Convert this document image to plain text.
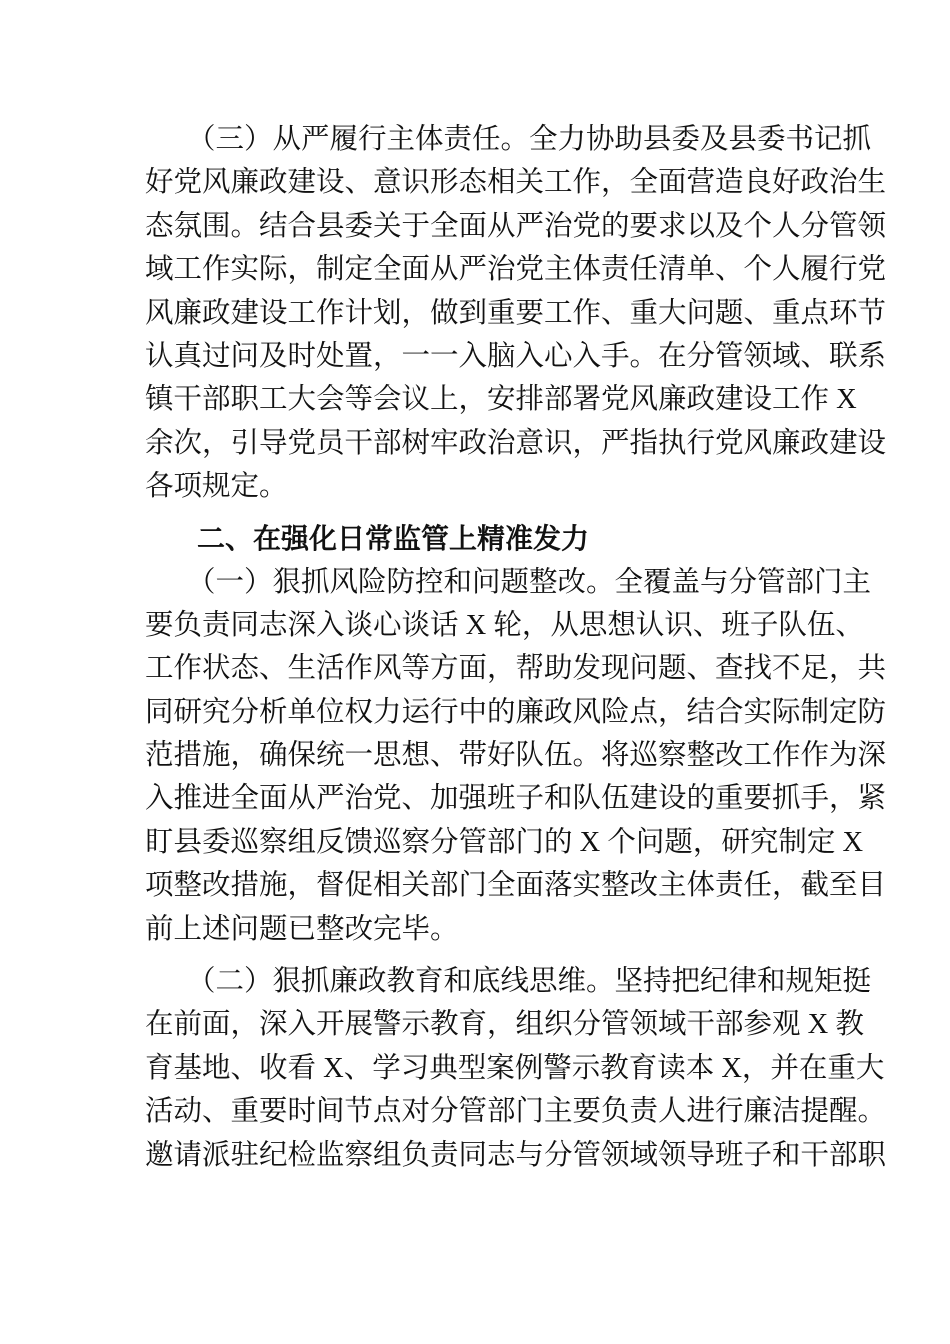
（三）从严履行主体责任。全力协助县委及县委书记抓
好党风廉政建设、意识形态相关工作，全面营造良好政治生
态氛围。结合县委关于全面从严治党的要求以及个人分管领
域工作实际，制定全面从严治党主体责任清单、个人履行党
风廉政建设工作计划，做到重要工作、重大问题、重点环节
认真过问及时处置，一一入脑入心入手。在分管领域、联系
镇干部职工大会等会议上，安排部署党风廉政建设工作 X
余次，引导党员干部树牢政治意识，严指执行党风廉政建设
各项规定。
二、在强化日常监管上精准发力
（一）狠抓风险防控和问题整改。全覆盖与分管部门主
要负责同志深入谈心谈话 X 轮，从思想认识、班子队伍、
工作状态、生活作风等方面，帮助发现问题、查找不足，共
同研究分析单位权力运行中的廉政风险点，结合实际制定防
范措施，确保统一思想、带好队伍。将巡察整改工作作为深
入推进全面从严治党、加强班子和队伍建设的重要抓手，紧
盯县委巡察组反馈巡察分管部门的 X 个问题，研究制定 X
项整改措施，督促相关部门全面落实整改主体责任，截至目
前上述问题已整改完毕。
（二）狠抓廉政教育和底线思维。坚持把纪律和规矩挺
在前面，深入开展警示教育，组织分管领域干部参观 X 教
育基地、收看 X、学习典型案例警示教育读本 X，并在重大
活动、重要时间节点对分管部门主要负责人进行廉洁提醒。
邀请派驻纪检监察组负责同志与分管领域领导班子和干部职
